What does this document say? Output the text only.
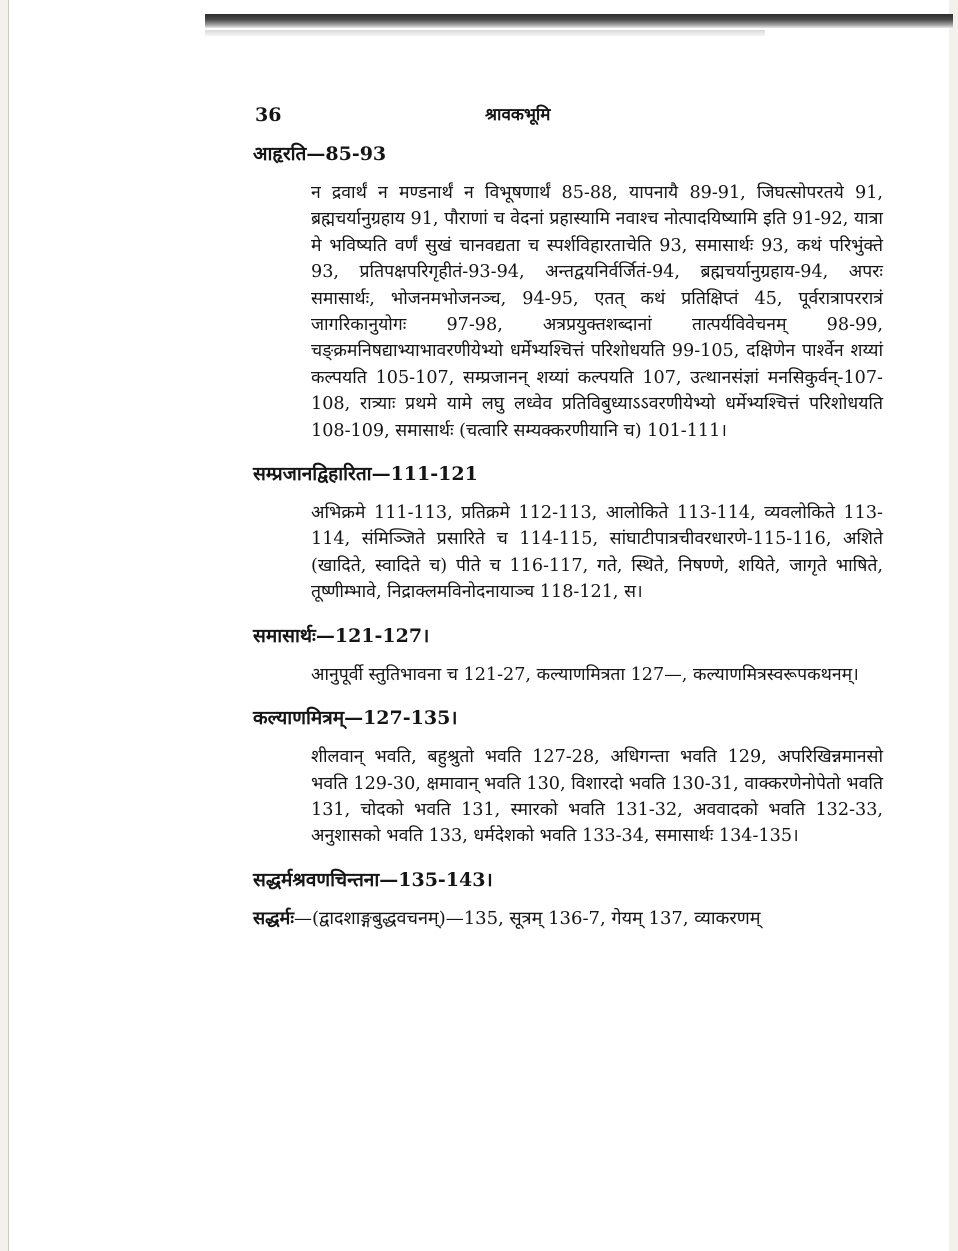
36	श्रावकभूमि
आहृरति—85-93

न द्रवार्थं न मण्डनार्थं न विभूषणार्थं 85-88, यापनायै 89-91, जिघत्सोपरतये 91, ब्रह्मचर्यानुग्रहाय 91, पौराणां च वेदनां प्रहास्यामि नवाश्च नोत्पादयिष्यामि इति 91-92, यात्रा मे भविष्यति वर्णं सुखं चानवद्यता च स्पर्शविहारताचेति 93, समासार्थः 93, कथं परिभुंक्ते 93, प्रतिपक्षपरिगृहीतं-93-94, अन्तद्वयनिर्वर्जितं-94, ब्रह्मचर्यानुग्रहाय-94, अपरः समासार्थः, भोजनमभोजनञ्च, 94-95, एतत् कथं प्रतिक्षिप्तं 45, पूर्वरात्रापररात्रं जागरिकानुयोगः 97-98, अत्रप्रयुक्तशब्दानां तात्पर्यविवेचनम् 98-99, चङ्क्रमनिषद्याभ्याभावरणीयेभ्यो धर्मेभ्यश्चित्तं परिशोधयति 99-105, दक्षिणेन पार्श्वेन शय्यां कल्पयति 105-107, सम्प्रजानन् शय्यां कल्पयति 107, उत्थानसंज्ञां मनसिकुर्वन्-107-108, रात्र्याः प्रथमे यामे लघु लध्वेव प्रतिविबुध्याऽऽवरणीयेभ्यो धर्मेभ्यश्चित्तं परिशोधयति 108-109, समासार्थः (चत्वारि सम्यक्करणीयानि च) 101-111।

सम्प्रजानद्विहारिता—111-121

अभिक्रमे 111-113, प्रतिक्रमे 112-113, आलोकिते 113-114, व्यवलोकिते 113-114, संमिञ्जिते प्रसारिते च 114-115, सांघाटीपात्रचीवरधारणे-115-116, अशिते (खादिते, स्वादिते च) पीते च 116-117, गते, स्थिते, निषण्णे, शयिते, जागृते भाषिते, तूष्णीम्भावे, निद्राक्लमविनोदनायाञ्च 118-121, स।

समासार्थः—121-127।

आनुपूर्वी स्तुतिभावना च 121-27, कल्याणमित्रता 127—, कल्याणमित्रस्वरूपकथनम्।

कल्याणमित्रम्—127-135।

शीलवान् भवति, बहुश्रुतो भवति 127-28, अधिगन्ता भवति 129, अपरिखिन्नमानसो भवति 129-30, क्षमावान् भवति 130, विशारदो भवति 130-31, वाक्करणेनोपेतो भवति 131, चोदको भवति 131, स्मारको भवति 131-32, अववादको भवति 132-33, अनुशासको भवति 133, धर्मदेशको भवति 133-34, समासार्थः 134-135।

सद्धर्मश्रवणचिन्तना—135-143।
सद्धर्मः—(द्वादशाङ्गबुद्धवचनम्)—135, सूत्रम् 136-7, गेयम् 137, व्याकरणम्
